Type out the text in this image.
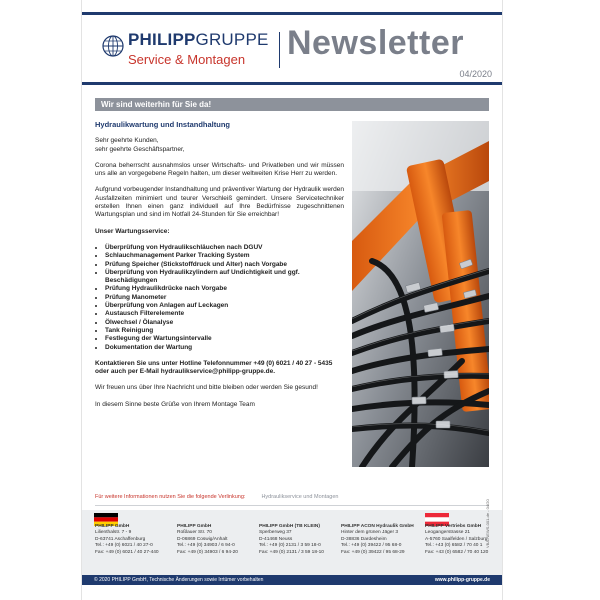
PHILIPPGRUPPE
Service & Montagen Newsletter
04/2020
Wir sind weiterhin für Sie da!
Hydraulikwartung und Instandhaltung

Sehr geehrte Kunden,
sehr geehrte Geschäftspartner,

Corona beherrscht ausnahmslos unser Wirtschafts- und Privatleben und wir müssen uns alle an vorgegebene Regeln halten, um dieser weltweiten Krise Herr zu werden.

Aufgrund vorbeugender Instandhaltung und präventiver Wartung der Hydraulik werden Ausfallzeiten minimiert und teurer Verschleiß gemindert. Unsere Servicetechniker erstellen Ihnen einen ganz individuell auf Ihre Bedürfnisse zugeschnittenen Wartungsplan und sind im Notfall 24-Stunden für Sie erreichbar!

Unser Wartungsservice:
• Überprüfung von Hydraulikschläuchen nach DGUV
• Schlauchmanagement Parker Tracking System
• Prüfung Speicher (Stickstoffdruck und Alter) nach Vorgabe
• Überprüfung von Hydraulikzylindern auf Undichtigkeit und ggf. Beschädigungen
• Prüfung Hydraulikdrücke nach Vorgabe
• Prüfung Manometer
• Überprüfung von Anlagen auf Leckagen
• Austausch Filterelemente
• Ölwechsel / Ölanalyse
• Tank Reinigung
• Festlegung der Wartungsintervalle
• Dokumentation der Wartung

Kontaktieren Sie uns unter Hotline Telefonnummer +49 (0) 6021 / 40 27 - 5435
oder auch per E-Mail hydraulikservice@philipp-gruppe.de.

Wir freuen uns über Ihre Nachricht und bitte bleiben oder werden Sie gesund!

In diesem Sinne beste Grüße von Ihrem Montage Team

Für weitere Informationen nutzen Sie die folgende Verlinkung:	Hydraulikservice und Montagen
PHILIPP GmbH
Lilienthalstr. 7 - 9
D-63741 Aschaffenburg
Tel.: +49 (0) 6021 / 40 27-0
Fax: +49 (0) 6021 / 40 27-440
PHILIPP GmbH
Roßlauer Str. 70
D-06869 Coswig/Anhalt
Tel.: +49 (0) 34903 / 6 94-0
Fax: +49 (0) 34903 / 6 94-20
PHILIPP GmbH (TB KLEIN)
Sperberweg 37
D-41468 Neuss
Tel.: +49 (0) 2131 / 3 59 18-0
Fax: +49 (0) 2131 / 3 59 18-10
PHILIPP ACON Hydraulik GmbH
Hinter dem grünen Jäger 3
D-38836 Dardesheim
Tel.: +49 (0) 39422 / 95 68-0
Fax: +49 (0) 39422 / 95 68-29
PHILIPP Vertriebs GmbH
Leogangerstrasse 21
A-5760 Saalfelden / Salzburg
Tel.: +43 (0) 6582 / 70 40 1
Fax: +43 (0) 6582 / 70 40 120
© 2020 PHILIPP GmbH, Technische Änderungen sowie Irrtümer vorbehalten	www.philipp-gruppe.de
VBA-NEWS-001-de - 04/20
